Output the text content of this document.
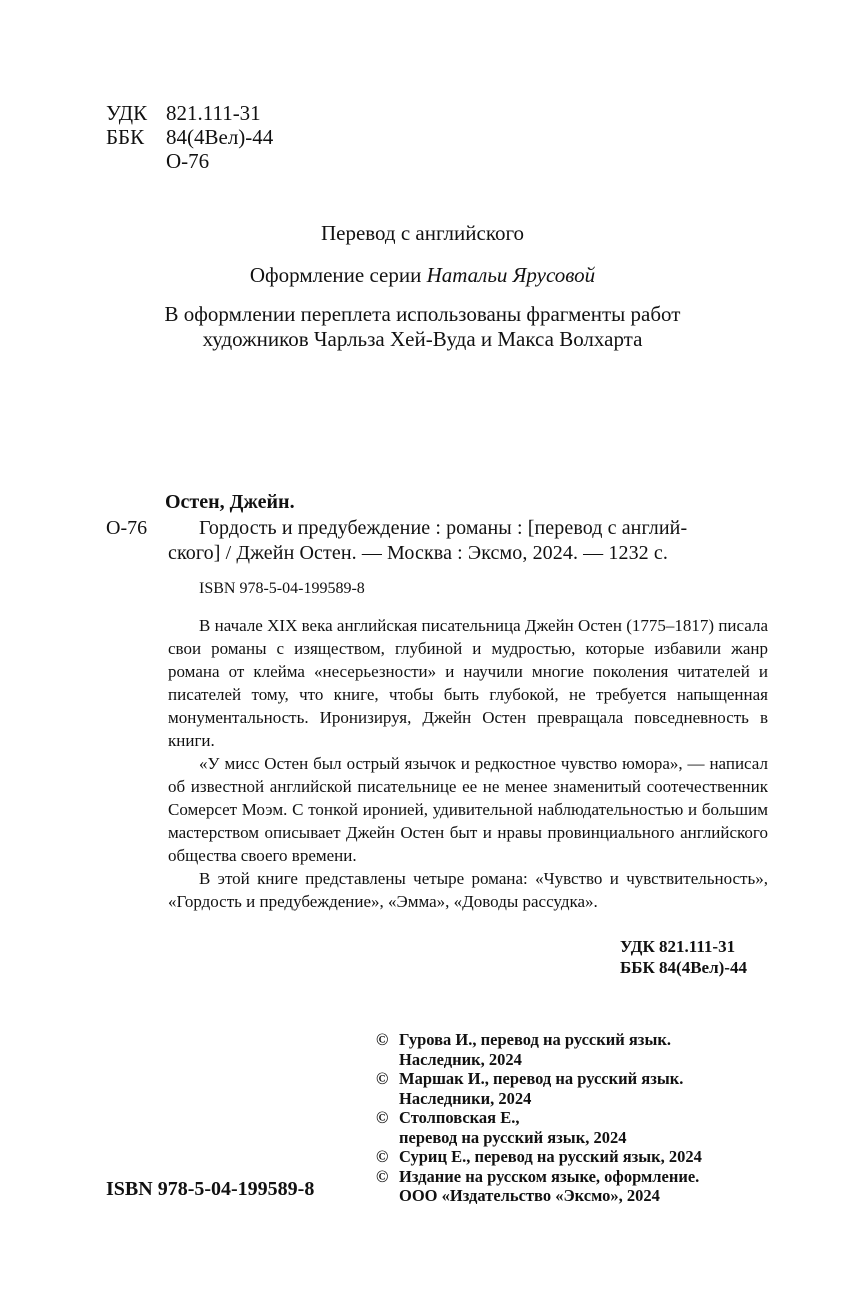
УДК 821.111-31
ББК 84(4Вел)-44
О-76
Перевод с английского
Оформление серии Натальи Ярусовой
В оформлении переплета использованы фрагменты работ
художников Чарльза Хей-Вуда и Макса Волхарта
Остен, Джейн.
О-76	Гордость и предубеждение : романы : [перевод с англий-
ского] / Джейн Остен. — Москва : Эксмо, 2024. — 1232 с.
ISBN 978-5-04-199589-8

В начале XIX века английская писательница Джейн Остен (1775–1817) писала свои романы с изяществом, глубиной и мудростью, которые избавили жанр романа от клейма «несерьезности» и научили многие поколения читателей и писателей тому, что книге, чтобы быть глубокой, не требуется напыщенная монументальность. Иронизируя, Джейн Остен превращала повседневность в книги.

«У мисс Остен был острый язычок и редкостное чувство юмора», — написал об известной английской писательнице ее не менее знаменитый соотечественник Сомерсет Моэм. С тонкой иронией, удивительной наблюдательностью и большим мастерством описывает Джейн Остен быт и нравы провинциального английского общества своего времени.

В этой книге представлены четыре романа: «Чувство и чувствительность», «Гордость и предубеждение», «Эмма», «Доводы рассудка».

УДК 821.111-31
ББК 84(4Вел)-44
© Гурова И., перевод на русский язык.
Наследник, 2024
© Маршак И., перевод на русский язык.
Наследники, 2024
© Столповская Е.,
перевод на русский язык, 2024
© Суриц Е., перевод на русский язык, 2024
© Издание на русском языке, оформление.
ООО «Издательство «Эксмо», 2024
ISBN 978-5-04-199589-8
